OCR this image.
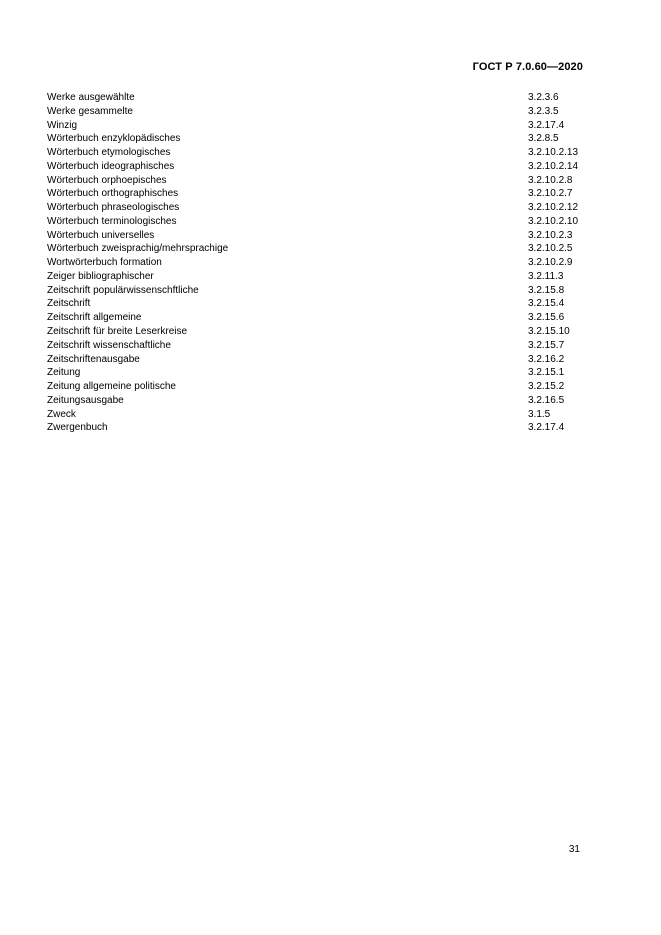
ГОСТ Р 7.0.60—2020
Werke ausgewählte	3.2.3.6
Werke gesammelte	3.2.3.5
Winzig	3.2.17.4
Wörterbuch enzyklopädisches	3.2.8.5
Wörterbuch etymologisches	3.2.10.2.13
Wörterbuch ideographisches	3.2.10.2.14
Wörterbuch orphoepisches	3.2.10.2.8
Wörterbuch orthographisches	3.2.10.2.7
Wörterbuch phraseologisches	3.2.10.2.12
Wörterbuch terminologisches	3.2.10.2.10
Wörterbuch universelles	3.2.10.2.3
Wörterbuch zweisprachig/mehrsprachige	3.2.10.2.5
Wortwörterbuch formation	3.2.10.2.9
Zeiger bibliographischer	3.2.11.3
Zeitschrift populärwissenschftliche	3.2.15.8
Zeitschrift	3.2.15.4
Zeitschrift allgemeine	3.2.15.6
Zeitschrift für breite Leserkreise	3.2.15.10
Zeitschrift wissenschaftliche	3.2.15.7
Zeitschriftenausgabe	3.2.16.2
Zeitung	3.2.15.1
Zeitung allgemeine politische	3.2.15.2
Zeitungsausgabe	3.2.16.5
Zweck	3.1.5
Zwergenbuch	3.2.17.4
31
